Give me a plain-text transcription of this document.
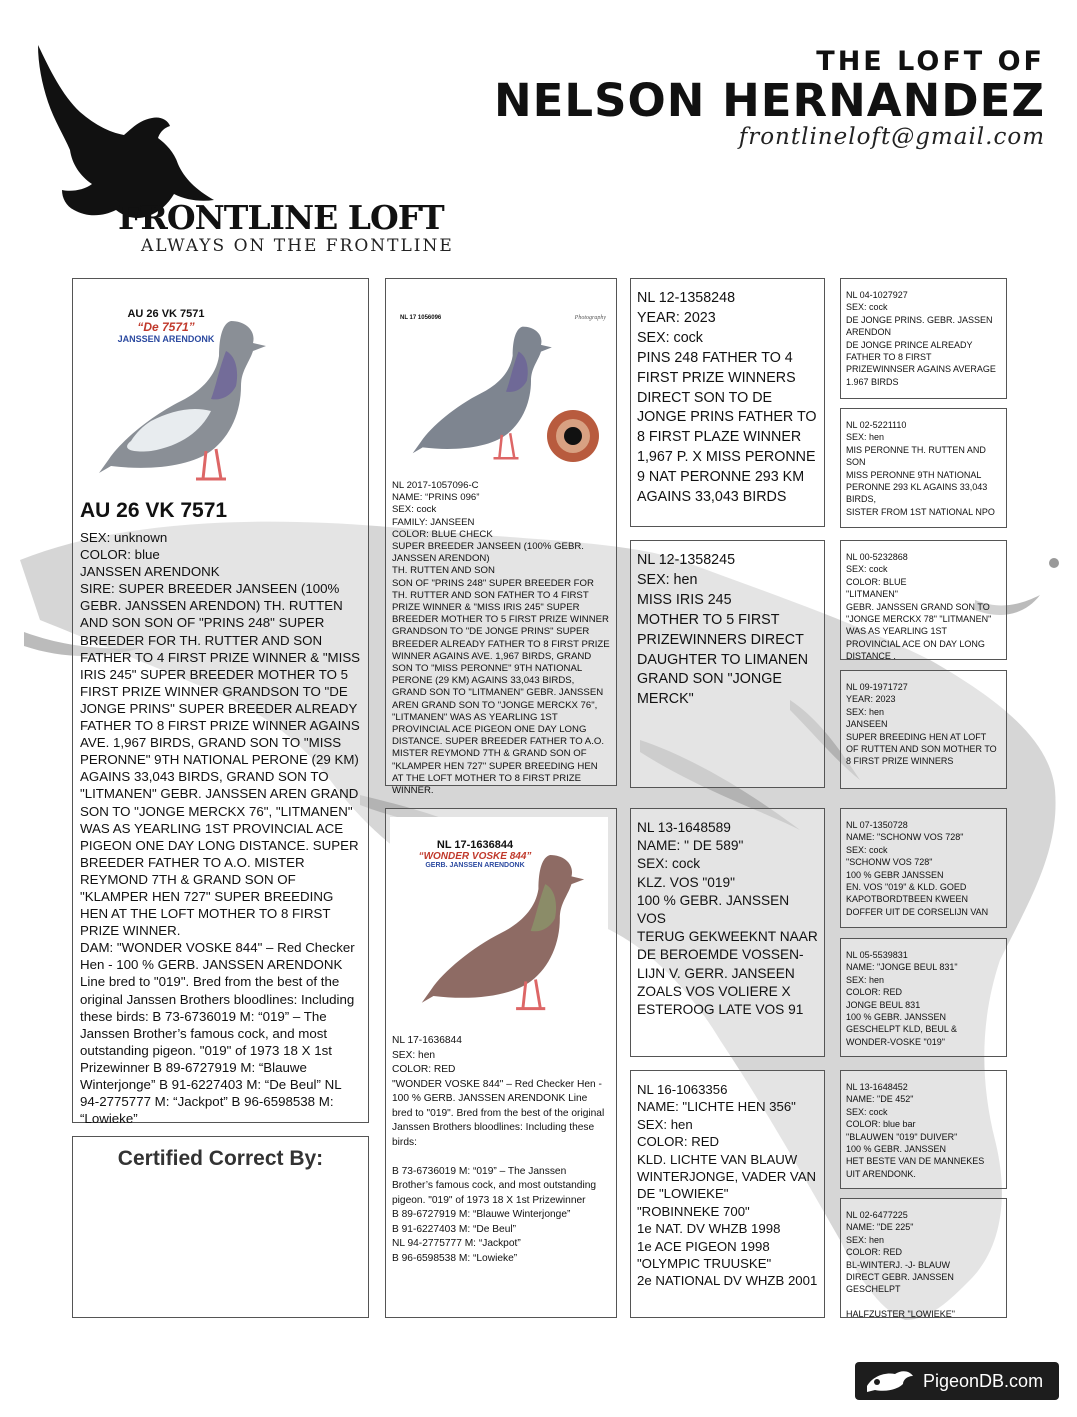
FRONTLINE LOFT
ALWAYS ON THE FRONTLINE
THE LOFT OF
NELSON HERNANDEZ
frontlineloft@gmail.com
AU 26 VK 7571
“De 7571”
JANSSEN ARENDONK
AU 26 VK 7571
SEX: unknown
COLOR: blue
JANSSEN ARENDONK
SIRE: SUPER BREEDER JANSEEN (100% GEBR. JANSSEN ARENDON) TH. RUTTEN AND SON SON OF "PRINS 248" SUPER BREEDER FOR TH. RUTTER AND SON FATHER TO 4 FIRST PRIZE WINNER & "MISS IRIS 245" SUPER BREEDER MOTHER TO 5 FIRST PRIZE WINNER GRANDSON TO "DE JONGE PRINS" SUPER BREEDER ALREADY FATHER TO 8 FIRST PRIZE WINNER AGAINS AVE. 1,967 BIRDS, GRAND SON TO "MISS PERONNE" 9TH NATIONAL PERONE (29 KM) AGAINS 33,043 BIRDS, GRAND SON TO "LITMANEN" GEBR. JANSSEN AREN GRAND SON TO "JONGE MERCKX 76", "LITMANEN" WAS AS YEARLING 1ST PROVINCIAL ACE PIGEON ONE DAY LONG DISTANCE. SUPER BREEDER FATHER TO A.O. MISTER REYMOND 7TH & GRAND SON OF "KLAMPER HEN 727" SUPER BREEDING HEN AT THE LOFT MOTHER TO 8 FIRST PRIZE WINNER.
DAM: "WONDER VOSKE 844" – Red Checker Hen - 100 % GERB. JANSSEN ARENDONK Line bred to "019". Bred from the best of the original Janssen Brothers bloodlines: Including these birds: B 73-6736019 M: “019” – The Janssen Brother’s famous cock, and most outstanding pigeon. "019" of 1973 18 X 1st Prizewinner B 89-6727919 M: “Blauwe Winterjonge” B 91-6227403 M: “De Beul” NL 94-2775777 M: “Jackpot” B 96-6598538 M: “Lowieke”
Certified Correct By:
NL 17 1056096	Photography
NL 2017-1057096-C
NAME: “PRINS 096”
SEX: cock
FAMILY: JANSEEN
COLOR: BLUE CHECK
SUPER BREEDER JANSEEN (100% GEBR. JANSSEN ARENDON)
TH. RUTTEN AND SON
SON OF "PRINS 248" SUPER BREEDER FOR TH. RUTTER AND SON FATHER TO 4 FIRST PRIZE WINNER & "MISS IRIS 245" SUPER BREEDER MOTHER TO 5 FIRST PRIZE WINNER GRANDSON TO "DE JONGE PRINS" SUPER BREEDER ALREADY FATHER TO 8 FIRST PRIZE WINNER AGAINS AVE. 1,967 BIRDS, GRAND SON TO "MISS PERONNE" 9TH NATIONAL PERONE (29 KM) AGAINS 33,043 BIRDS, GRAND SON TO "LITMANEN" GEBR. JANSSEN AREN GRAND SON TO "JONGE MERCKX 76", "LITMANEN" WAS AS YEARLING 1ST PROVINCIAL ACE PIGEON ONE DAY LONG DISTANCE. SUPER BREEDER FATHER TO A.O. MISTER REYMOND 7TH & GRAND SON OF "KLAMPER HEN 727" SUPER BREEDING HEN AT THE LOFT MOTHER TO 8 FIRST PRIZE WINNER.
NL 17-1636844
“WONDER VOSKE 844”
GERB. JANSSEN ARENDONK
NL 17-1636844
SEX: hen
COLOR: RED
"WONDER VOSKE 844" – Red Checker Hen - 100 % GERB. JANSSEN ARENDONK Line bred to "019". Bred from the best of the original Janssen Brothers bloodlines: Including these birds:

B 73-6736019 M: “019” – The Janssen Brother’s famous cock, and most outstanding pigeon. "019" of 1973 18 X 1st Prizewinner
B 89-6727919 M: “Blauwe Winterjonge”
B 91-6227403 M: “De Beul”
NL 94-2775777 M: “Jackpot”
B 96-6598538 M: “Lowieke”
NL 12-1358248
YEAR: 2023
SEX: cock
PINS 248 FATHER TO 4 FIRST PRIZE WINNERS DIRECT SON TO DE JONGE PRINS FATHER TO 8 FIRST PLAZE WINNER 1,967 P. X MISS PERONNE 9 NAT PERONNE 293 KM AGAINS 33,043 BIRDS
NL 12-1358245
SEX: hen
MISS IRIS 245
MOTHER TO 5 FIRST PRIZEWINNERS DIRECT DAUGHTER TO LIMANEN GRAND SON "JONGE MERCK"
NL 13-1648589
NAME: " DE 589"
SEX: cock
KLZ. VOS "019"
100 % GEBR. JANSSEN VOS
TERUG GEKWEEKNT NAAR DE BEROEMDE VOSSEN-LIJN V. GERR. JANSEEN ZOALS VOS VOLIERE X ESTEROOG LATE VOS 91
NL 16-1063356
NAME: "LICHTE HEN 356"
SEX: hen
COLOR: RED
KLD. LICHTE VAN BLAUW WINTERJONGE, VADER VAN DE "LOWIEKE"
"ROBINNEKE 700"
1e NAT. DV WHZB 1998
1e ACE PIGEON 1998
"OLYMPIC TRUUSKE"
2e NATIONAL DV WHZB 2001
NL 04-1027927
SEX: cock
DE JONGE PRINS. GEBR. JASSEN ARENDON
DE JONGE PRINCE ALREADY FATHER TO 8 FIRST PRIZEWINNSER AGAINS AVERAGE 1.967 BIRDS
NL 02-5221110
SEX: hen
MIS PERONNE TH. RUTTEN AND SON
MISS PERONNE 9TH NATIONAL PERONNE 293 KL AGAINS 33,043 BIRDS,
SISTER FROM 1ST NATIONAL NPO
NL 00-5232868
SEX: cock
COLOR: BLUE
"LITMANEN"
GEBR. JANSSEN GRAND SON TO "JONGE MERCKX 78" "LITMANEN" WAS AS YEARLING 1ST PROVINCIAL ACE ON DAY LONG DISTANCE .
NL 09-1971727
YEAR: 2023
SEX: hen
JANSEEN
SUPER BREEDING HEN AT LOFT OF RUTTEN AND SON MOTHER TO 8 FIRST PRIZE WINNERS
NL 07-1350728
NAME: "SCHONW VOS 728"
SEX: cock
"SCHONW VOS 728"
100 % GEBR JANSSEN
EN. VOS "019" & KLD. GOED KAPOTBORDTBEEN KWEEN DOFFER UIT DE CORSELIJN VAN
NL 05-5539831
NAME: "JONGE BEUL 831"
SEX: hen
COLOR: RED
JONGE BEUL 831
100 % GEBR. JANSSEN
GESCHELPT KLD, BEUL & WONDER-VOSKE "019"
NL 13-1648452
NAME: "DE 452"
SEX: cock
COLOR: blue bar
"BLAUWEN "019" DUIVER"
100 % GEBR. JANSSEN
HET BESTE VAN DE MANNEKES UIT ARENDONK.
NL 02-6477225
NAME: "DE 225"
SEX: hen
COLOR: RED
BL-WINTERJ. -J- BLAUW
DIRECT GEBR. JANSSEN GESCHELPT

HALFZUSTER "LOWIEKE"
PigeonDB.com
